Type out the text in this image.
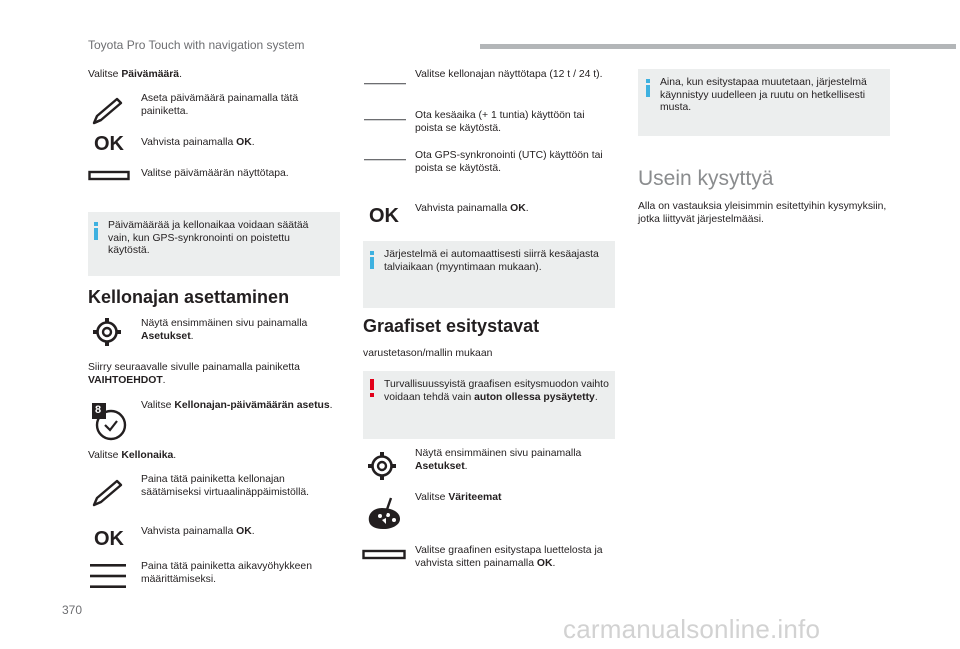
Toyota Pro Touch with navigation system
Valitse Päivämäärä.
Aseta päivämäärä painamalla tätä painiketta.
OK Vahvista painamalla OK.
Valitse päivämäärän näyttötapa.
Päivämäärää ja kellonaikaa voidaan säätää vain, kun GPS-synkronointi on poistettu käytöstä.
Kellonajan asettaminen
Näytä ensimmäinen sivu painamalla Asetukset.
Siirry seuraavalle sivulle painamalla painiketta VAIHTOEHDOT.
8	Valitse Kellonajan-päivämäärän asetus.
Valitse Kellonaika.
Paina tätä painiketta kellonajan säätämiseksi virtuaalinäppäimistöllä.
OK Vahvista painamalla OK.
Paina tätä painiketta aikavyöhykkeen määrittämiseksi.
Valitse kellonajan näyttötapa (12 t / 24 t).
Ota kesäaika (+ 1 tuntia) käyttöön tai poista se käytöstä.
Ota GPS-synkronointi (UTC) käyttöön tai poista se käytöstä.
OK Vahvista painamalla OK.
Järjestelmä ei automaattisesti siirrä kesäajasta talviaikaan (myyntimaan mukaan).
Graafiset esitystavat
varustetason/mallin mukaan
Turvallisuussyistä graafisen esitysmuodon vaihto voidaan tehdä vain auton ollessa pysäytetty.
Näytä ensimmäinen sivu painamalla Asetukset.
Valitse Väriteemat
Valitse graafinen esitystapa luettelosta ja vahvista sitten painamalla OK.
Aina, kun esitystapaa muutetaan, järjestelmä käynnistyy uudelleen ja ruutu on hetkellisesti musta.
Usein kysyttyä
Alla on vastauksia yleisimmin esitettyihin kysymyksiin, jotka liittyvät järjestelmääsi.
370
carmanualsonline.info
